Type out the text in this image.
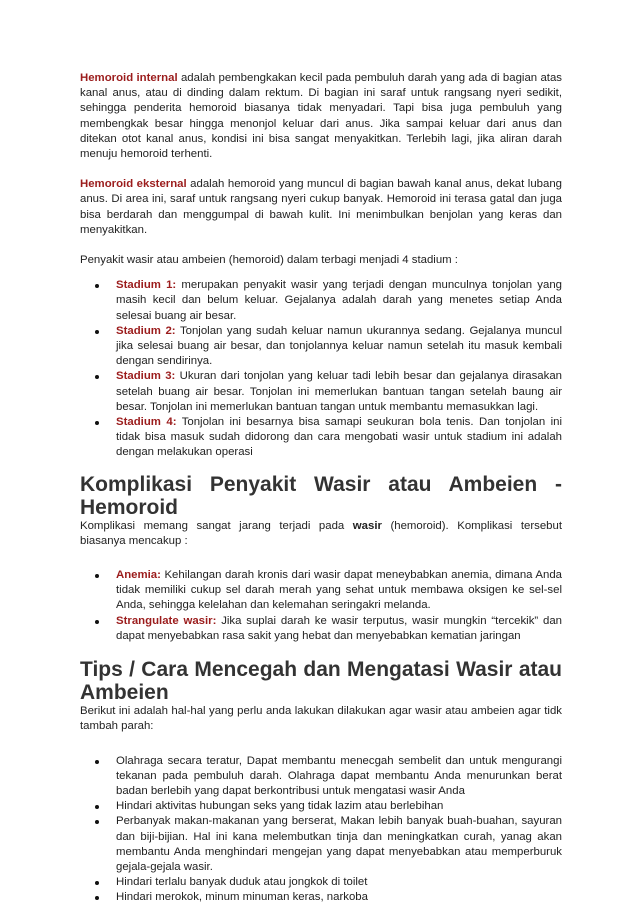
Hemoroid internal adalah pembengkakan kecil pada pembuluh darah yang ada di bagian atas kanal anus, atau di dinding dalam rektum. Di bagian ini saraf untuk rangsang nyeri sedikit, sehingga penderita hemoroid biasanya tidak menyadari. Tapi bisa juga pembuluh yang membengkak besar hingga menonjol keluar dari anus. Jika sampai keluar dari anus dan ditekan otot kanal anus, kondisi ini bisa sangat menyakitkan. Terlebih lagi, jika aliran darah menuju hemoroid terhenti.

Hemoroid eksternal adalah hemoroid yang muncul di bagian bawah kanal anus, dekat lubang anus. Di area ini, saraf untuk rangsang nyeri cukup banyak. Hemoroid ini terasa gatal dan juga bisa berdarah dan menggumpal di bawah kulit. Ini menimbulkan benjolan yang keras dan menyakitkan.

Penyakit wasir atau ambeien (hemoroid) dalam terbagi menjadi 4 stadium :

Stadium 1: merupakan penyakit wasir yang terjadi dengan munculnya tonjolan yang masih kecil dan belum keluar. Gejalanya adalah darah yang menetes setiap Anda selesai buang air besar.
Stadium 2: Tonjolan yang sudah keluar namun ukurannya sedang. Gejalanya muncul jika selesai buang air besar, dan tonjolannya keluar namun setelah itu masuk kembali dengan sendirinya.
Stadium 3: Ukuran dari tonjolan yang keluar tadi lebih besar dan gejalanya dirasakan setelah buang air besar. Tonjolan ini memerlukan bantuan tangan setelah baung air besar. Tonjolan ini memerlukan bantuan tangan untuk membantu memasukkan lagi.
Stadium 4: Tonjolan ini besarnya bisa samapi seukuran bola tenis. Dan tonjolan ini tidak bisa masuk sudah didorong dan cara mengobati wasir untuk stadium ini adalah dengan melakukan operasi
Komplikasi Penyakit Wasir atau Ambeien -
Hemoroid

Komplikasi memang sangat jarang terjadi pada wasir (hemoroid). Komplikasi tersebut biasanya mencakup :

Anemia: Kehilangan darah kronis dari wasir dapat meneybabkan anemia, dimana Anda tidak memiliki cukup sel darah merah yang sehat untuk membawa oksigen ke sel-sel Anda, sehingga kelelahan dan kelemahan seringakri melanda.
Strangulate wasir: Jika suplai darah ke wasir terputus, wasir mungkin “tercekik” dan dapat menyebabkan rasa sakit yang hebat dan menyebabkan kematian jaringan
Tips / Cara Mencegah dan Mengatasi Wasir atau
Ambeien

Berikut ini adalah hal-hal yang perlu anda lakukan dilakukan agar wasir atau ambeien agar tidk tambah parah:

Olahraga secara teratur, Dapat membantu menecgah sembelit dan untuk mengurangi tekanan pada pembuluh darah. Olahraga dapat membantu Anda menurunkan berat badan berlebih yang dapat berkontribusi untuk mengatasi wasir Anda
Hindari aktivitas hubungan seks yang tidak lazim atau berlebihan
Perbanyak makan-makanan yang berserat, Makan lebih banyak buah-buahan, sayuran dan biji-bijian. Hal ini kana melembutkan tinja dan meningkatkan curah, yanag akan membantu Anda menghindari mengejan yang dapat menyebabkan atau memperburuk gejala-gejala wasir.
Hindari terlalu banyak duduk atau jongkok di toilet
Hindari merokok, minum minuman keras, narkoba
